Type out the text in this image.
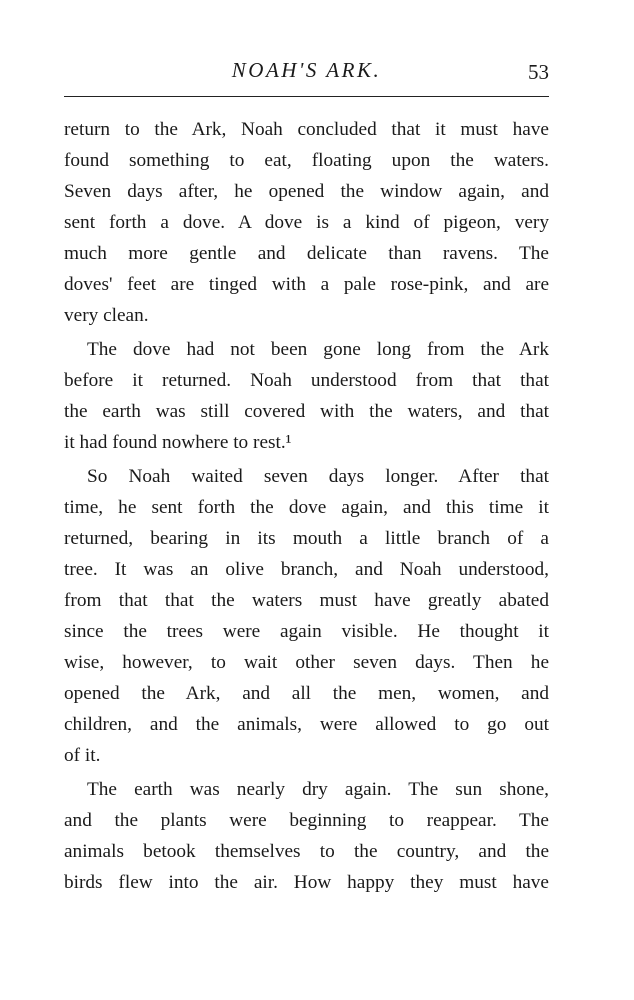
NOAH'S ARK.	53
return to the Ark, Noah concluded that it must have
found something to eat, floating upon the waters.
Seven days after, he opened the window again, and
sent forth a dove. A dove is a kind of pigeon, very
much more gentle and delicate than ravens. The
doves' feet are tinged with a pale rose-pink, and are
very clean.
The dove had not been gone long from the Ark
before it returned. Noah understood from that that
the earth was still covered with the waters, and that
it had found nowhere to rest.¹
So Noah waited seven days longer. After that
time, he sent forth the dove again, and this time it
returned, bearing in its mouth a little branch of a
tree. It was an olive branch, and Noah understood,
from that that the waters must have greatly abated
since the trees were again visible. He thought it
wise, however, to wait other seven days. Then he
opened the Ark, and all the men, women, and
children, and the animals, were allowed to go out
of it.
The earth was nearly dry again. The sun shone,
and the plants were beginning to reappear. The
animals betook themselves to the country, and the
birds flew into the air. How happy they must have
